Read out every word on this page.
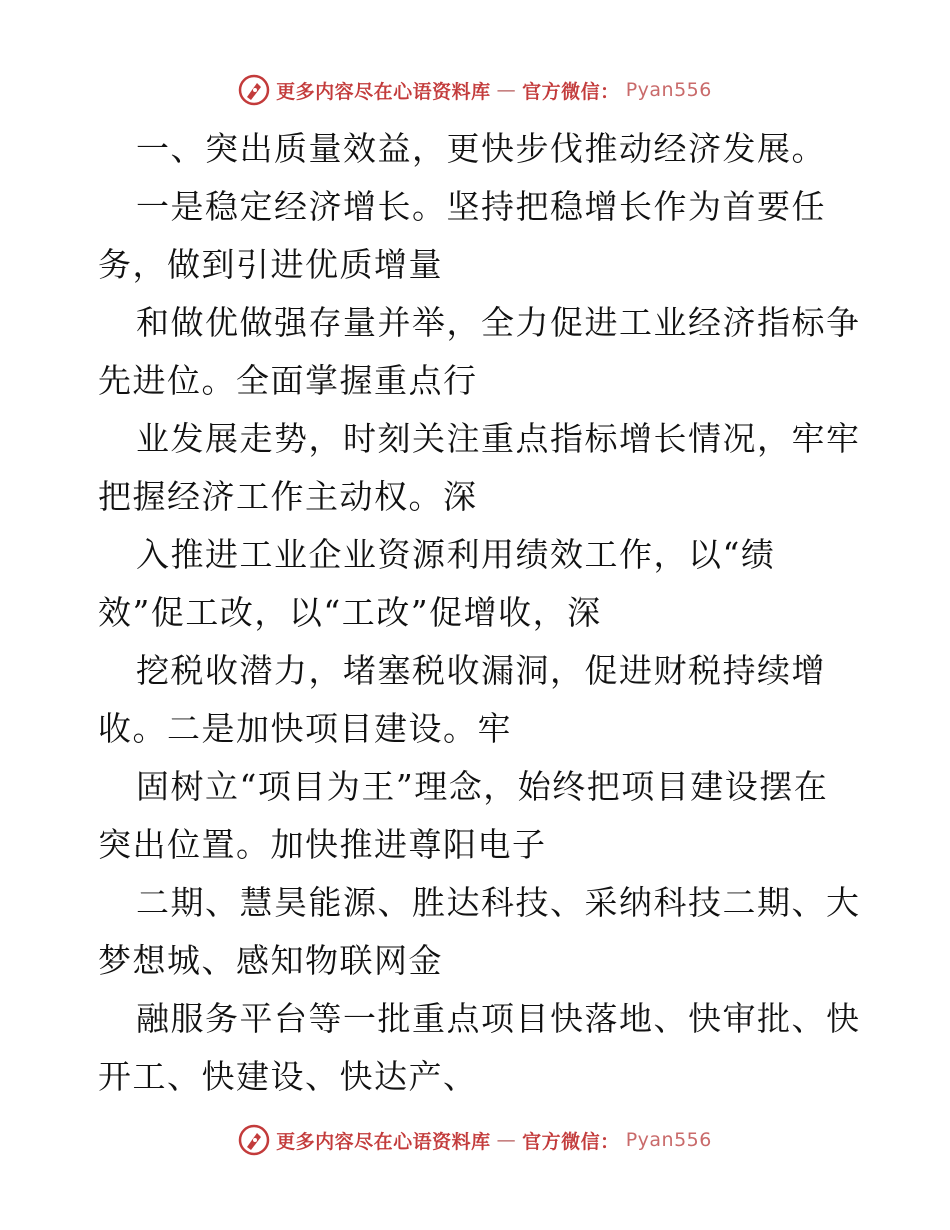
更多内容尽在心语资料库 — 官方微信： Pyan556
一、突出质量效益，更快步伐推动经济发展。
一是稳定经济增长。坚持把稳增长作为首要任
务，做到引进优质增量
和做优做强存量并举，全力促进工业经济指标争
先进位。全面掌握重点行
业发展走势，时刻关注重点指标增长情况，牢牢
把握经济工作主动权。深
入推进工业企业资源利用绩效工作，以“绩
效”促工改，以“工改”促增收，深
挖税收潜力，堵塞税收漏洞，促进财税持续增
收。二是加快项目建设。牢
固树立“项目为王”理念，始终把项目建设摆在
突出位置。加快推进尊阳电子
二期、慧昊能源、胜达科技、采纳科技二期、大
梦想城、感知物联网金
融服务平台等一批重点项目快落地、快审批、快
开工、快建设、快达产、
更多内容尽在心语资料库 — 官方微信： Pyan556
